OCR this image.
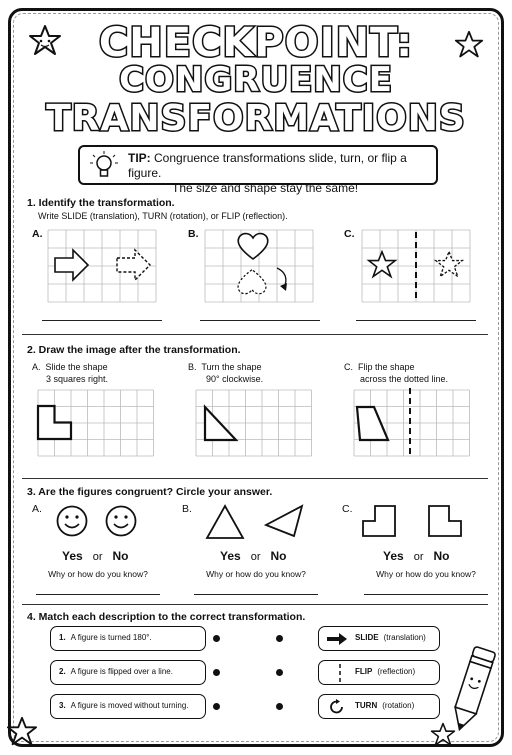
CHECKPOINT:
CONGRUENCE
TRANSFORMATIONS
TIP: Congruence transformations slide, turn, or flip a figure.
The size and shape stay the same!
1. Identify the transformation.
Write SLIDE (translation), TURN (rotation), or FLIP (reflection).
A.	B.	C.
2. Draw the image after the transformation.
A. Slide the shape
3 squares right.
B. Turn the shape
90° clockwise.
C. Flip the shape
across the dotted line.
3. Are the figures congruent? Circle your answer.
A.	B.	C.
Yes or No	Yes or No	Yes or No
Why or how do you know?	Why or how do you know?	Why or how do you know?
4. Match each description to the correct transformation.
1. A figure is turned 180°.
2. A figure is flipped over a line.
3. A figure is moved without turning.
SLIDE (translation)
FLIP (reflection)
TURN (rotation)
